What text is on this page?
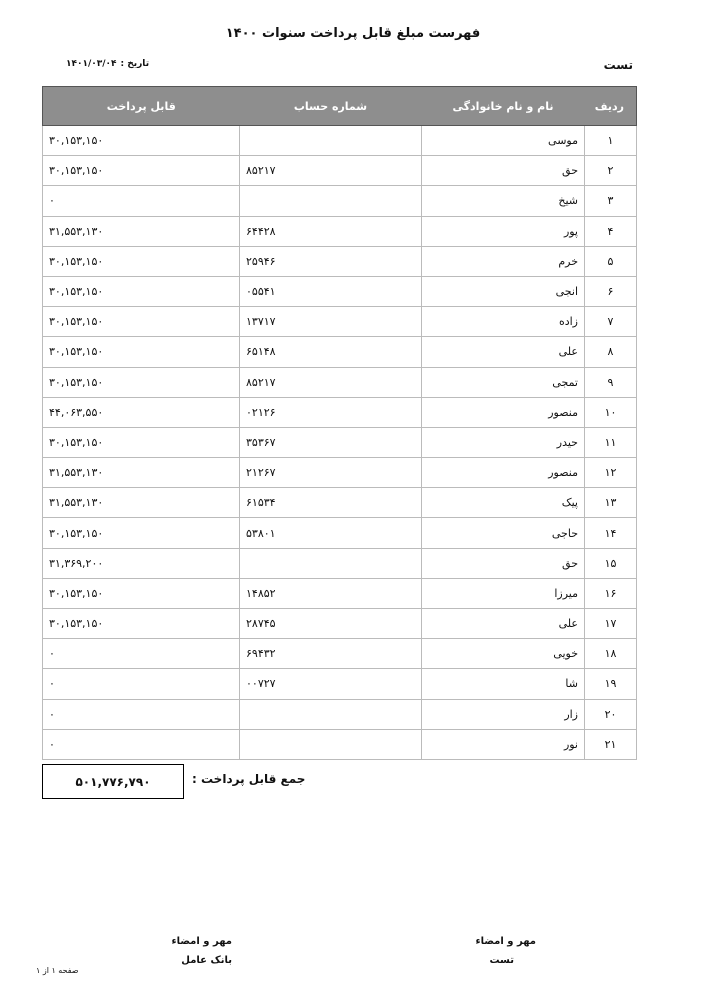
فهرست مبلغ قابل پرداخت سنوات ۱۴۰۰
تست
تاریخ :۱۴۰۱/۰۳/۰۴
ردیف	نام و نام خانوادگی	شماره حساب	قابل پرداخت
۱	موسی		۳۰,۱۵۳,۱۵۰
۲	حق	۸۵۲۱۷	۳۰,۱۵۳,۱۵۰
۳	شیخ		۰
۴	پور	۶۴۴۲۸	۳۱,۵۵۳,۱۳۰
۵	خرم	۲۵۹۴۶	۳۰,۱۵۳,۱۵۰
۶	انجی	۰۵۵۴۱	۳۰,۱۵۳,۱۵۰
۷	زاده	۱۳۷۱۷	۳۰,۱۵۳,۱۵۰
۸	علی	۶۵۱۴۸	۳۰,۱۵۳,۱۵۰
۹	تمجی	۸۵۲۱۷	۳۰,۱۵۳,۱۵۰
۱۰	منصور	۰۲۱۲۶	۴۴,۰۶۳,۵۵۰
۱۱	حیدر	۳۵۳۶۷	۳۰,۱۵۳,۱۵۰
۱۲	منصور	۲۱۲۶۷	۳۱,۵۵۳,۱۳۰
۱۳	پیک	۶۱۵۳۴	۳۱,۵۵۳,۱۳۰
۱۴	حاجی	۵۳۸۰۱	۳۰,۱۵۳,۱۵۰
۱۵	حق		۳۱,۳۶۹,۲۰۰
۱۶	میرزا	۱۴۸۵۲	۳۰,۱۵۳,۱۵۰
۱۷	علی	۲۸۷۴۵	۳۰,۱۵۳,۱۵۰
۱۸	خویی	۶۹۴۳۲	۰
۱۹	شا	۰۰۷۲۷	۰
۲۰	زار		۰
۲۱	نور		۰
۵۰۱,۷۷۶,۷۹۰	جمع قابل پرداخت :
مهر و امضاء
تست
مهر و امضاء
بانک عامل
صفحه ۱ از ۱
